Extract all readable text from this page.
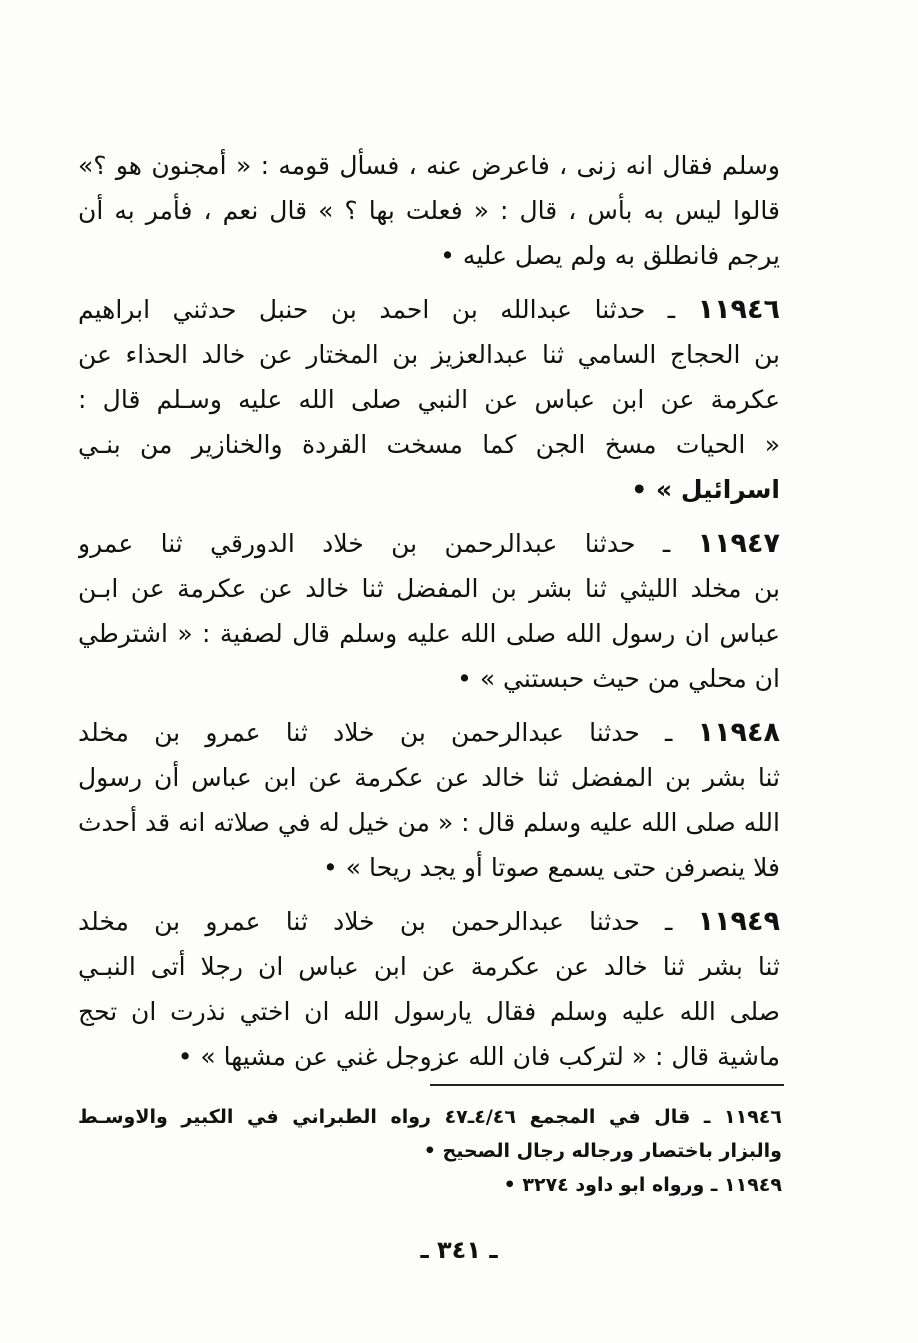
وسلم فقال انه زنى ، فاعرض عنه ، فسأل قومه : « أمجنون هو ؟»
قالوا ليس به بأس ، قال : « فعلت بها ؟ » قال نعم ، فأمر به أن
يرجم فانطلق به ولم يصل عليه •
١١٩٤٦ ـ حدثنا عبدالله بن احمد بن حنبل حدثني ابراهيم
بن الحجاج السامي ثنا عبدالعزيز بن المختار عن خالد الحذاء عن
عكرمة عن ابن عباس عن النبي صلى الله عليه وسـلم قال :
« الحيات مسخ الجن كما مسخت القردة والخنازير من بنـي
اسرائيل » •
١١٩٤٧ ـ حدثنا عبدالرحمن بن خلاد الدورقي ثنا عمرو
بن مخلد الليثي ثنا بشر بن المفضل ثنا خالد عن عكرمة عن ابـن
عباس ان رسول الله صلى الله عليه وسلم قال لصفية : « اشترطي
ان محلي من حيث حبستني » •
١١٩٤٨ ـ حدثنا عبدالرحمن بن خلاد ثنا عمرو بن مخلد
ثنا بشر بن المفضل ثنا خالد عن عكرمة عن ابن عباس أن رسول
الله صلى الله عليه وسلم قال : « من خيل له في صلاته انه قد أحدث
فلا ينصرفن حتى يسمع صوتا أو يجد ريحا » •
١١٩٤٩ ـ حدثنا عبدالرحمن بن خلاد ثنا عمرو بن مخلد
ثنا بشر ثنا خالد عن عكرمة عن ابن عباس ان رجلا أتى النبـي
صلى الله عليه وسلم فقال يارسول الله ان اختي نذرت ان تحج
ماشية قال : « لتركب فان الله عزوجل غني عن مشيها » •
١١٩٤٦ ـ قال في المجمع ٤/٤٦ـ٤٧ رواه الطبراني في الكبير والاوسـط
والبزار باختصار ورجاله رجال الصحيح •
١١٩٤٩ ـ ورواه ابو داود ٣٢٧٤ •
ـ ٣٤١ ـ
